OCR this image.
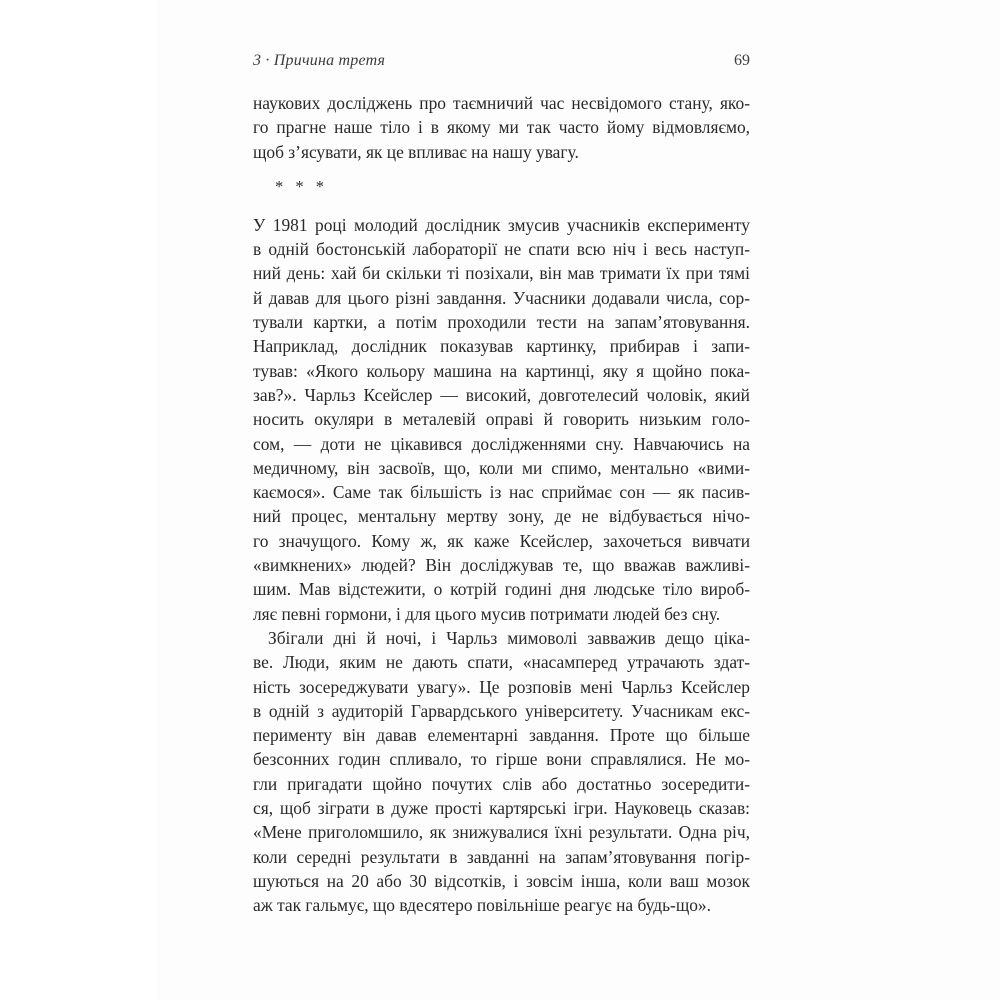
3 · Причина третя	69
наукових досліджень про таємничий час несвідомого стану, яко-
го прагне наше тіло і в якому ми так часто йому відмовляємо,
щоб з’ясувати, як це впливає на нашу увагу.
* * *
У 1981 році молодий дослідник змусив учасників експерименту
в одній бостонській лабораторії не спати всю ніч і весь наступ-
ний день: хай би скільки ті позіхали, він мав тримати їх при тямі
й давав для цього різні завдання. Учасники додавали числа, сор-
тували картки, а потім проходили тести на запам’ятовування.
Наприклад, дослідник показував картинку, прибирав і запи-
тував: «Якого кольору машина на картинці, яку я щойно пока-
зав?». Чарльз Ксейслер — високий, довготелесий чоловік, який
носить окуляри в металевій оправі й говорить низьким голо-
сом, — доти не цікавився дослідженнями сну. Навчаючись на
медичному, він засвоїв, що, коли ми спимо, ментально «вими-
каємося». Саме так більшість із нас сприймає сон — як пасив-
ний процес, ментальну мертву зону, де не відбувається нічо-
го значущого. Кому ж, як каже Ксейслер, захочеться вивчати
«вимкнених» людей? Він досліджував те, що вважав важливі-
шим. Мав відстежити, о котрій годині дня людське тіло вироб-
ляє певні гормони, і для цього мусив потримати людей без сну.
Збігали дні й ночі, і Чарльз мимоволі завважив дещо ціка-
ве. Люди, яким не дають спати, «насамперед утрачають здат-
ність зосереджувати увагу». Це розповів мені Чарльз Ксейслер
в одній з аудиторій Гарвардського університету. Учасникам екс-
перименту він давав елементарні завдання. Проте що більше
безсонних годин спливало, то гірше вони справлялися. Не мо-
гли пригадати щойно почутих слів або достатньо зосередити-
ся, щоб зіграти в дуже прості картярські ігри. Науковець сказав:
«Мене приголомшило, як знижувалися їхні результати. Одна річ,
коли середні результати в завданні на запам’ятовування погір-
шуються на 20 або 30 відсотків, і зовсім інша, коли ваш мозок
аж так гальмує, що вдесятеро повільніше реагує на будь-що».
